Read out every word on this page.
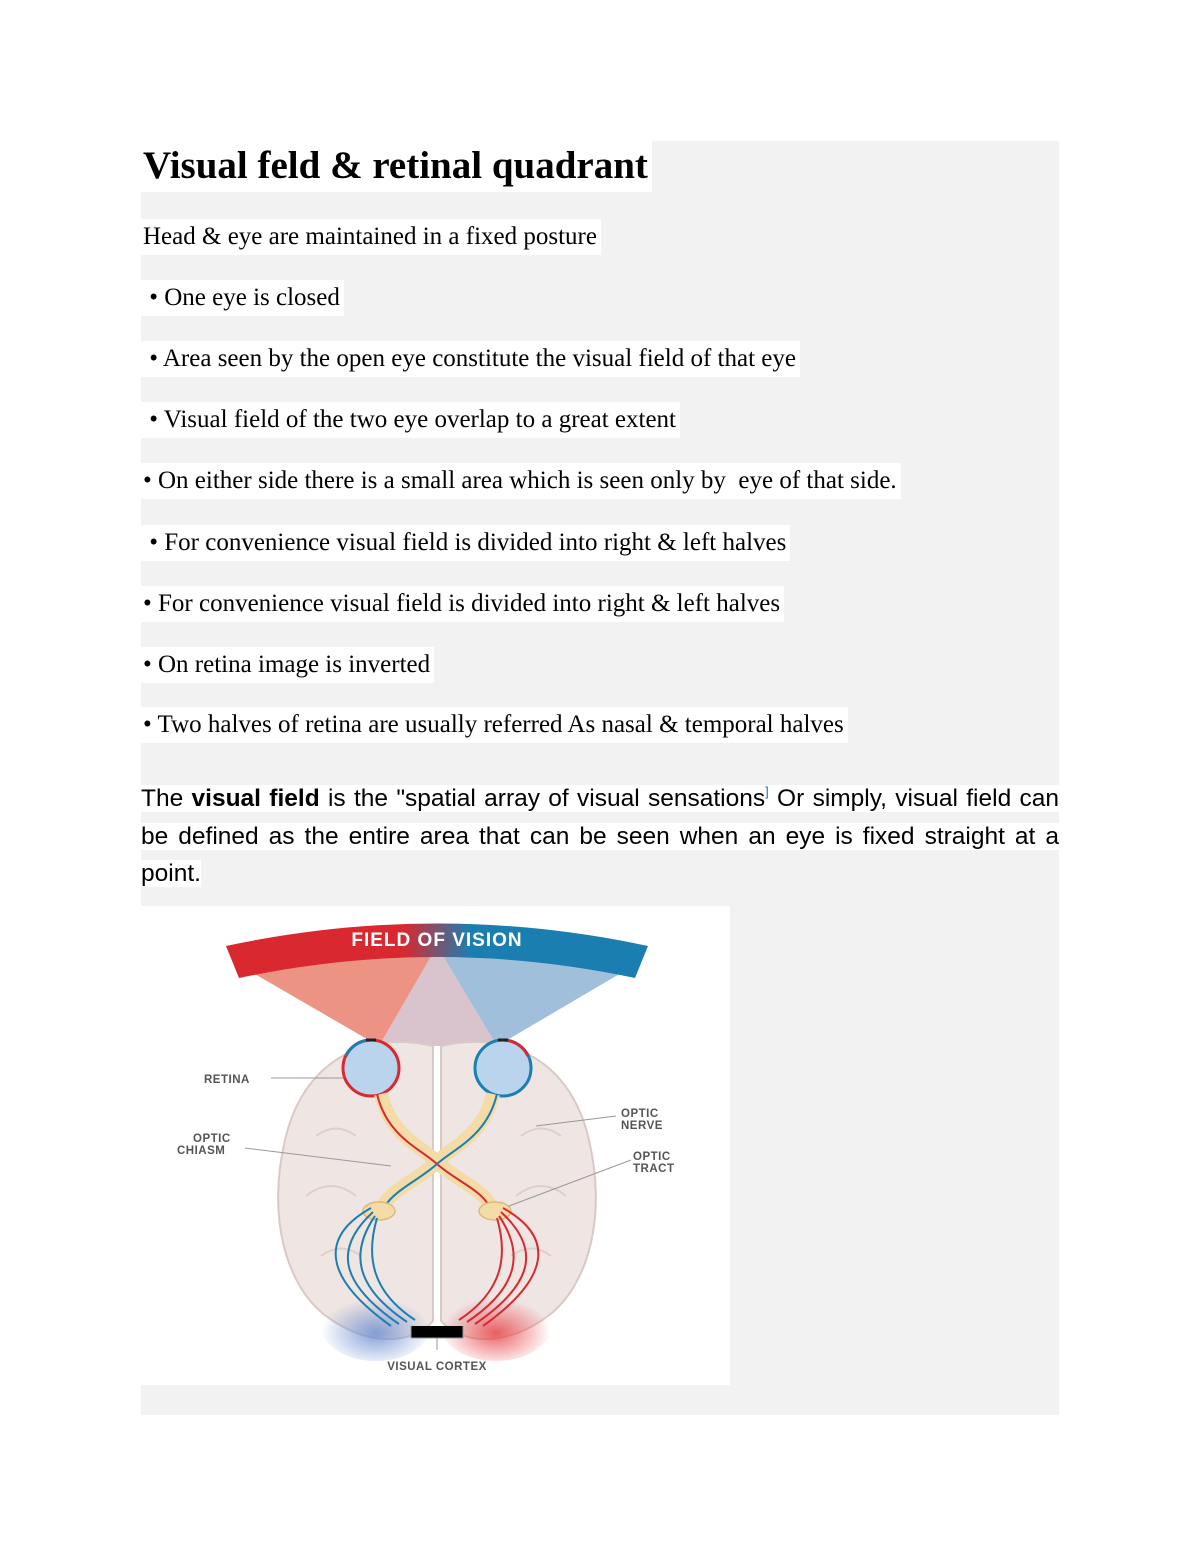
Visual feld & retinal quadrant
Head & eye are maintained in a fixed posture
• One eye is closed
• Area seen by the open eye constitute the visual field of that eye
• Visual field of the two eye overlap to a great extent
• On either side there is a small area which is seen only by  eye of that side.
• For convenience visual field is divided into right & left halves
• For convenience visual field is divided into right & left halves
• On retina image is inverted
• Two halves of retina are usually referred As nasal & temporal halves
The visual field is the "spatial array of visual sensations] Or simply, visual field can be defined as the entire area that can be seen when an eye is fixed straight at a point.
FIELD OF VISION
RETINA
OPTIC
CHIASM
OPTIC
NERVE
OPTIC
TRACT
VISUAL CORTEX
